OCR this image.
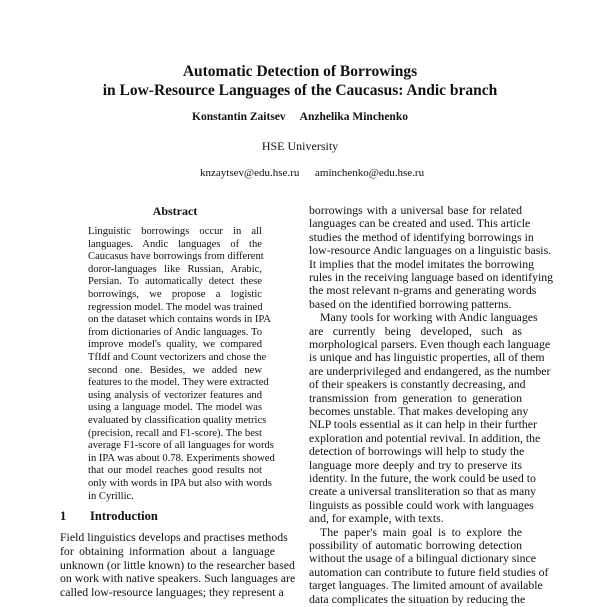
Automatic Detection of Borrowings
in Low-Resource Languages of the Caucasus: Andic branch
Konstantin Zaitsev Anzhelika Minchenko
HSE University
knzaytsev@edu.hse.ru aminchenko@edu.hse.ru
Abstract
Linguistic borrowings occur in all
languages. Andic languages of the
Caucasus have borrowings from different
doror-languages like Russian, Arabic,
Persian. To automatically detect these
borrowings, we propose a logistic
regression model. The model was trained
on the dataset which contains words in IPA
from dictionaries of Andic languages. To
improve model's quality, we compared
TfIdf and Count vectorizers and chose the
second one. Besides, we added new
features to the model. They were extracted
using analysis of vectorizer features and
using a language model. The model was
evaluated by classification quality metrics
(precision, recall and F1-score). The best
average F1-score of all languages for words
in IPA was about 0.78. Experiments showed
that our model reaches good results not
only with words in IPA but also with words
in Cyrillic.
1 Introduction
Field linguistics develops and practises methods
for obtaining information about a language
unknown (or little known) to the researcher based
on work with native speakers. Such languages are
called low-resource languages; they represent a
borrowings with a universal base for related
languages can be created and used. This article
studies the method of identifying borrowings in
low-resource Andic languages on a linguistic basis.
It implies that the model imitates the borrowing
rules in the receiving language based on identifying
the most relevant n-grams and generating words
based on the identified borrowing patterns.
Many tools for working with Andic languages
are currently being developed, such as
morphological parsers. Even though each language
is unique and has linguistic properties, all of them
are underprivileged and endangered, as the number
of their speakers is constantly decreasing, and
transmission from generation to generation
becomes unstable. That makes developing any
NLP tools essential as it can help in their further
exploration and potential revival. In addition, the
detection of borrowings will help to study the
language more deeply and try to preserve its
identity. In the future, the work could be used to
create a universal transliteration so that as many
linguists as possible could work with languages
and, for example, with texts.
The paper's main goal is to explore the
possibility of automatic borrowing detection
without the usage of a bilingual dictionary since
automation can contribute to future field studies of
target languages. The limited amount of available
data complicates the situation by reducing the
